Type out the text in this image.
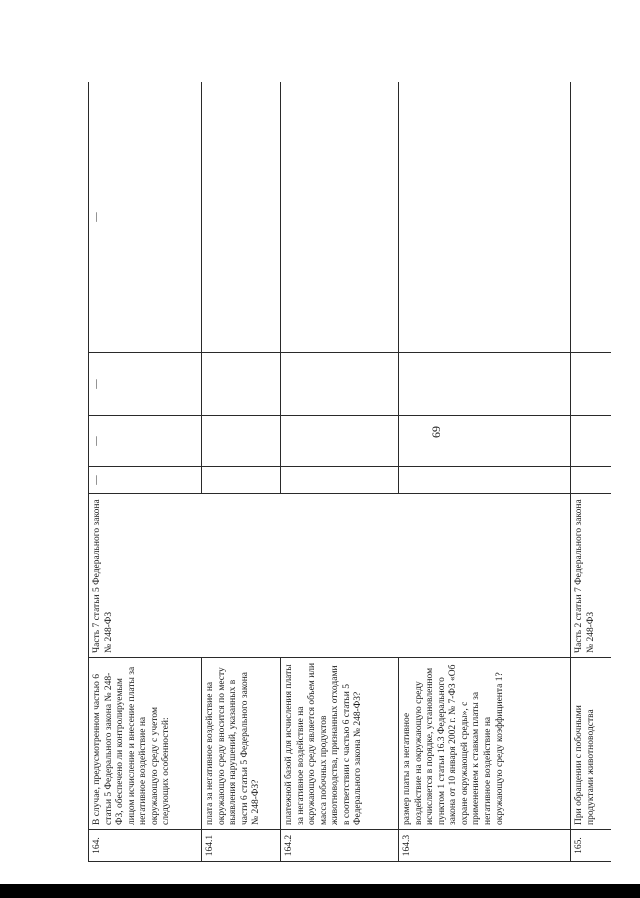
69
164.	В случае, предусмотренном частью 6 статьи 5 Федерального закона № 248-ФЗ, обеспечено ли контролируемым лицом исчисление и внесение платы за негативное воздействие на окружающую среду с учетом следующих особенностей:	Часть 7 статьи 5 Федерального закона № 248-ФЗ	—	—	—	—
164.1	плата за негативное воздействие на окружающую среду вносится по месту выявления нарушений, указанных в части 6 статьи 5 Федерального закона № 248-ФЗ?					
164.2	платежной базой для исчисления платы за негативное воздействие на окружающую среду является объем или масса побочных продуктов животноводства, признанных отходами в соответствии с частью 6 статьи 5 Федерального закона № 248-ФЗ?					
164.3	размер платы за негативное воздействие на окружающую среду исчисляется в порядке, установленном пунктом 1 статьи 16.3 Федерального закона от 10 января 2002 г. № 7-ФЗ «Об охране окружающей среды», с применением к ставкам платы за негативное воздействие на окружающую среду коэффициента 1?					
165.	При обращении с побочными продуктами животноводства	Часть 2 статьи 7 Федерального закона № 248-ФЗ				
